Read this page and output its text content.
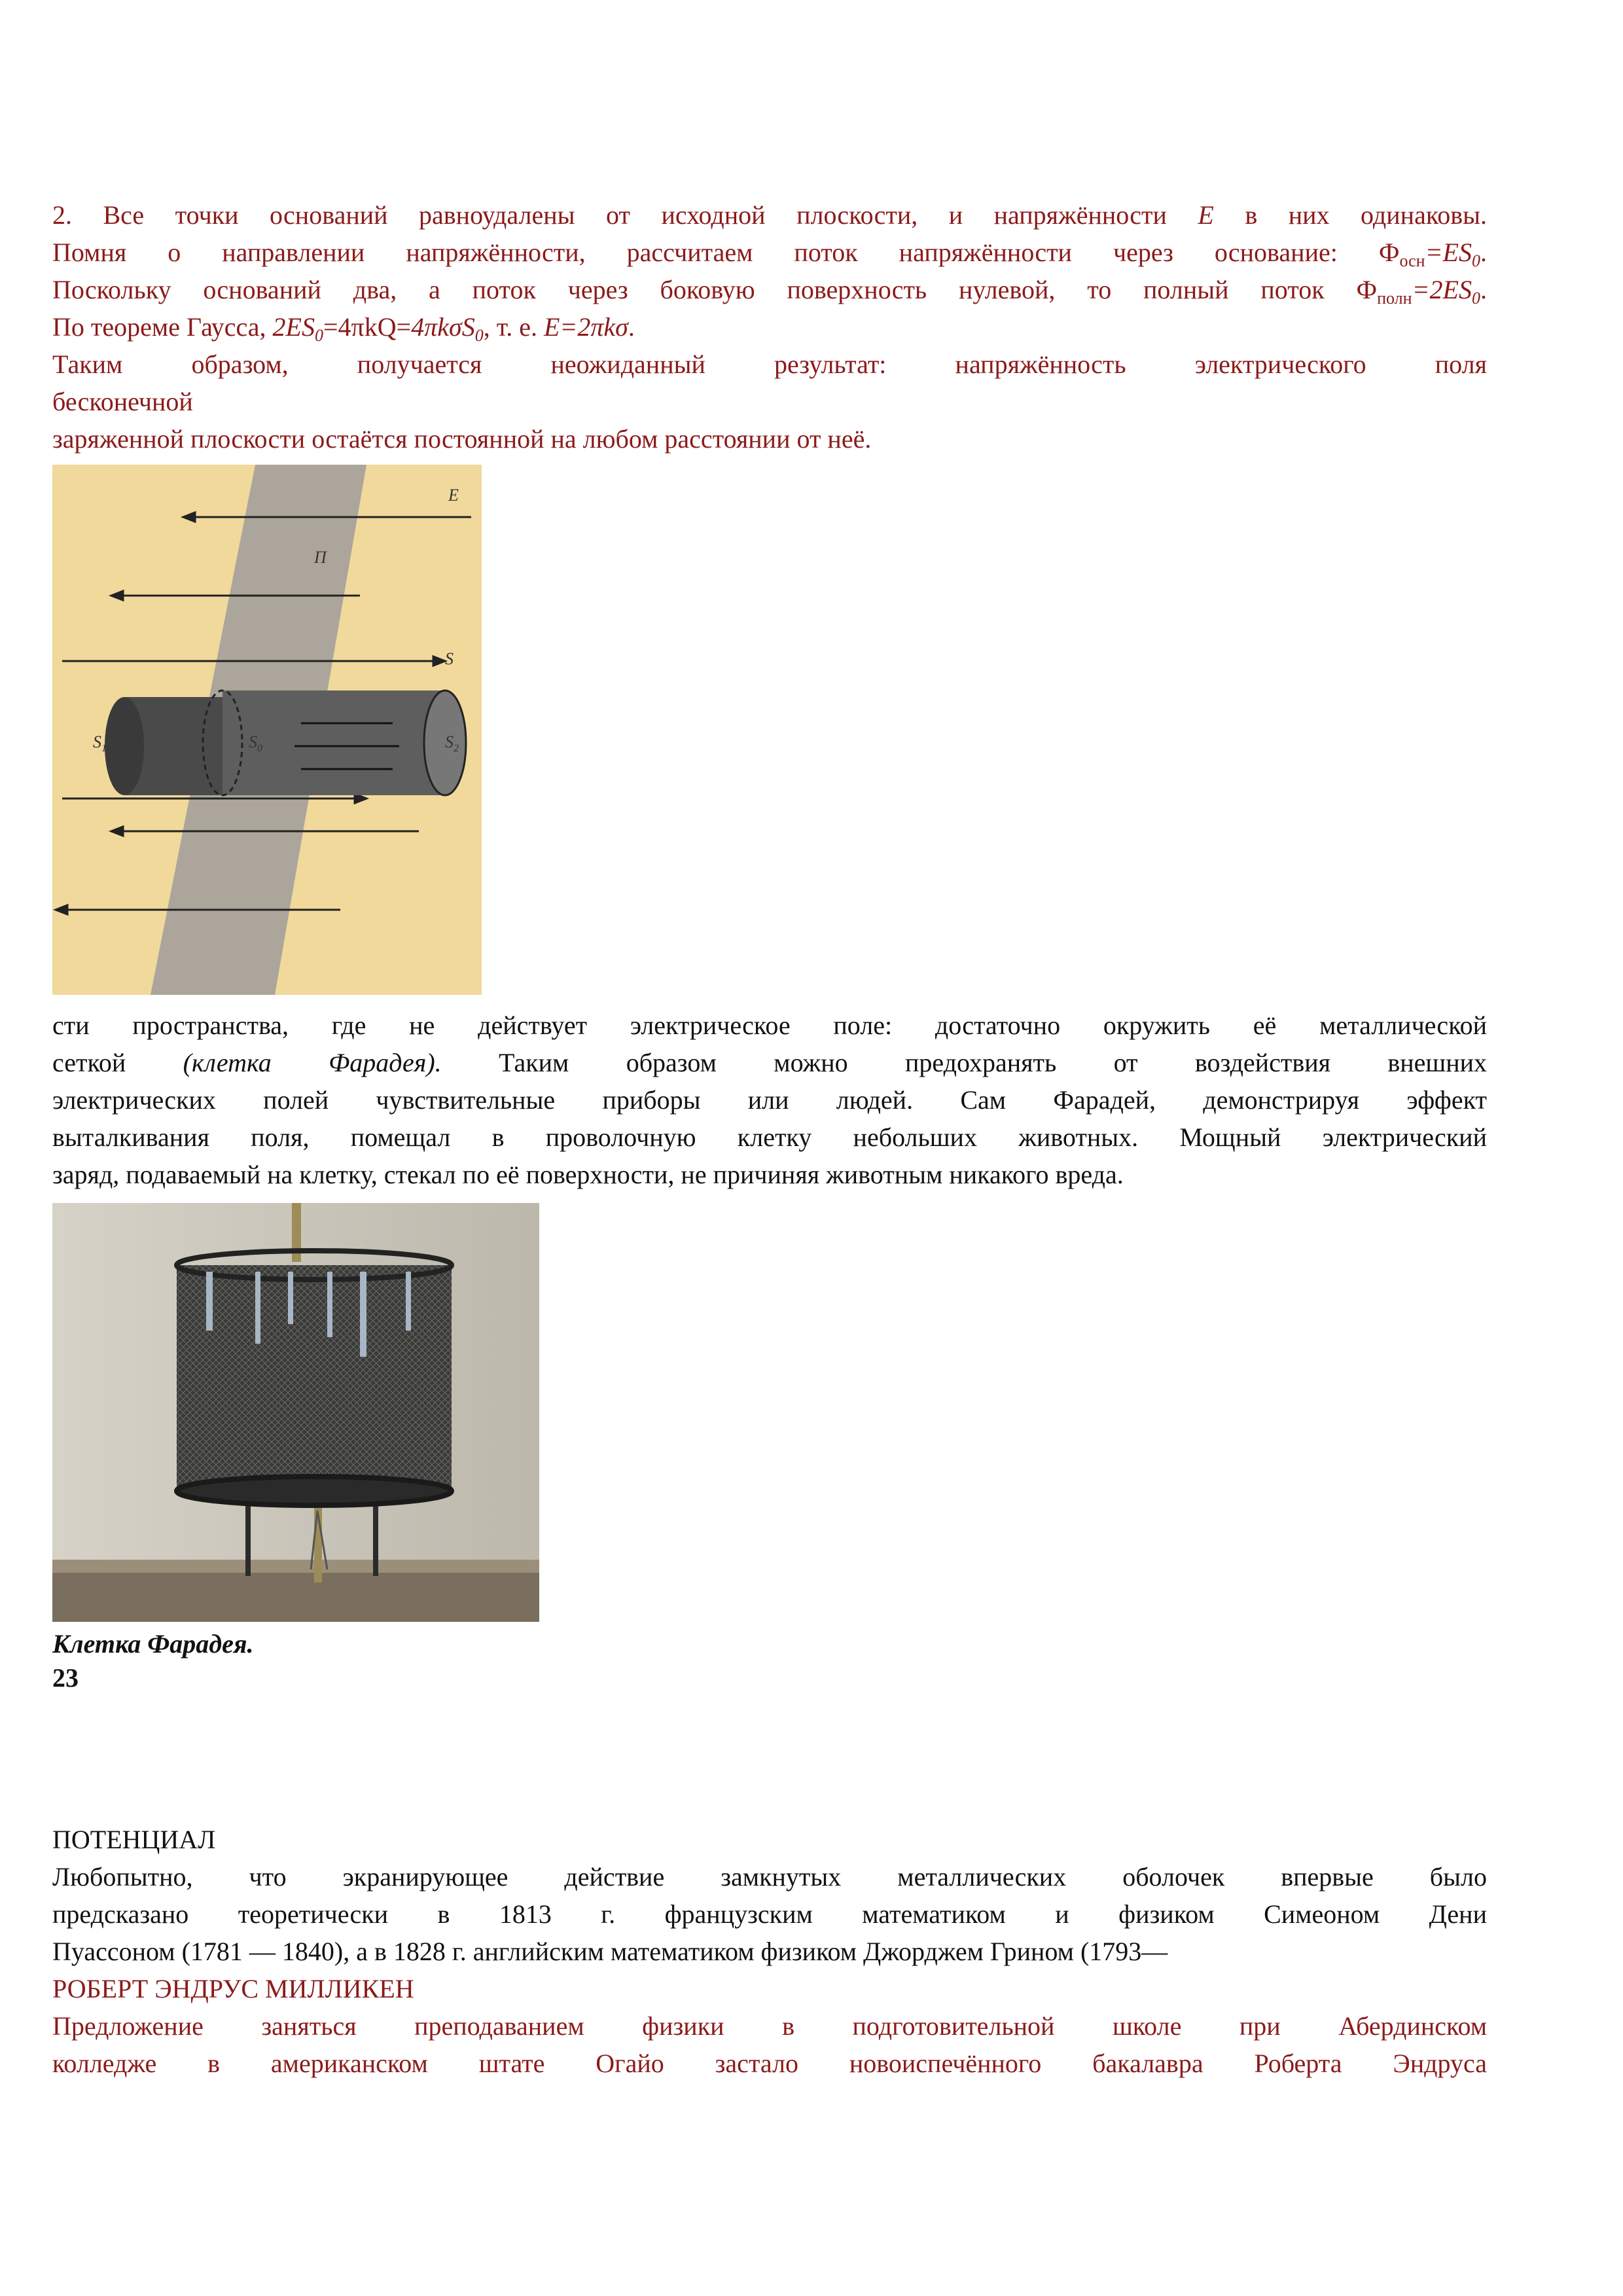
2. Все точки оснований равноудалены от исходной плоскости, и напряжённости E в них одинаковы.

Помня о направлении напряжённости, рассчитаем поток напряжённости через основание: $Ф_{осн}=ES_0$.

Поскольку оснований два, а поток через боковую поверхность нулевой, то полный поток $Ф_{полн}=2ES_0$.

По теореме Гаусса, $2ES_0=4\pi kQ=4\pi k\sigma S_0$, т. е. E=2πkσ.

Таким образом, получается неожиданный результат: напряжённость электрического поля

бесконечной

заряженной плоскости остаётся постоянной на любом расстоянии от неё.

E
П
S
$S_1$	$S_0$	$S_2$

сти пространства, где не действует электрическое поле: достаточно окружить её металлической

сеткой (клетка Фарадея). Таким образом можно предохранять от воздействия внешних

электрических полей чувствительные приборы или людей. Сам Фарадей, демонстрируя эффект

выталкивания поля, помещал в проволочную клетку небольших животных. Мощный электрический

заряд, подаваемый на клетку, стекал по её поверхности, не причиняя животным никакого вреда.

Клетка Фарадея.

23

ПОТЕНЦИАЛ

Любопытно, что экранирующее действие замкнутых металлических оболочек впервые было

предсказано теоретически в 1813 г. французским математиком и физиком Симеоном Дени

Пуассоном (1781 — 1840), а в 1828 г. английским математиком физиком Джорджем Грином (1793—

РОБЕРТ ЭНДРУС МИЛЛИКЕН

Предложение заняться преподаванием физики в подготовительной школе при Абердинском

колледже в американском штате Огайо застало новоиспечённого бакалавра Роберта Эндруса
